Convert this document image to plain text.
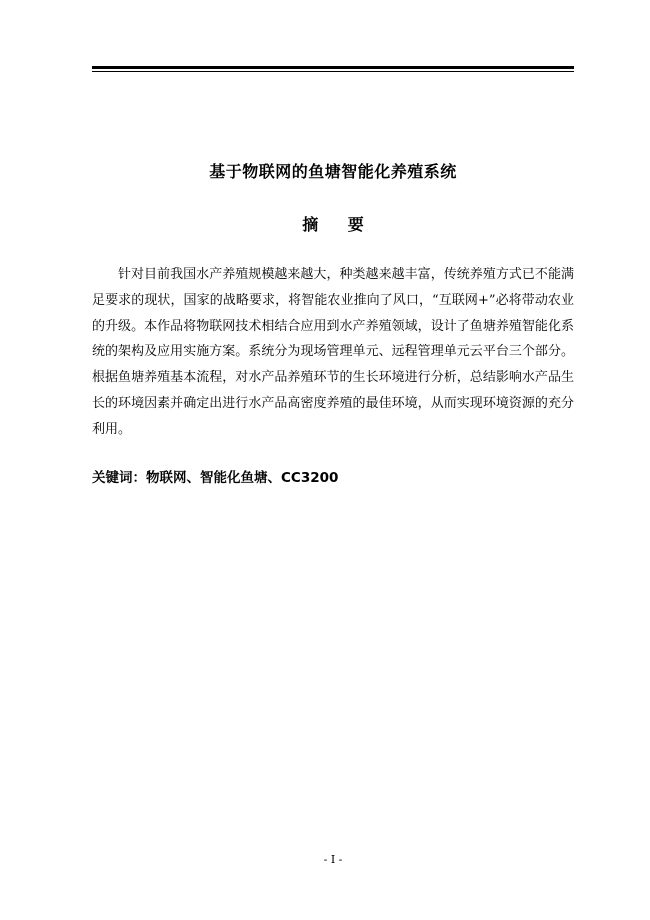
基于物联网的鱼塘智能化养殖系统
摘 要

针对目前我国水产养殖规模越来越大，种类越来越丰富，传统养殖方式已不能满足要求的现状，国家的战略要求，将智能农业推向了风口，“互联网+”必将带动农业的升级。本作品将物联网技术相结合应用到水产养殖领域，设计了鱼塘养殖智能化系统的架构及应用实施方案。系统分为现场管理单元、远程管理单元云平台三个部分。根据鱼塘养殖基本流程，对水产品养殖环节的生长环境进行分析，总结影响水产品生长的环境因素并确定出进行水产品高密度养殖的最佳环境，从而实现环境资源的充分利用。

关键词：物联网、智能化鱼塘、CC3200
- I -
